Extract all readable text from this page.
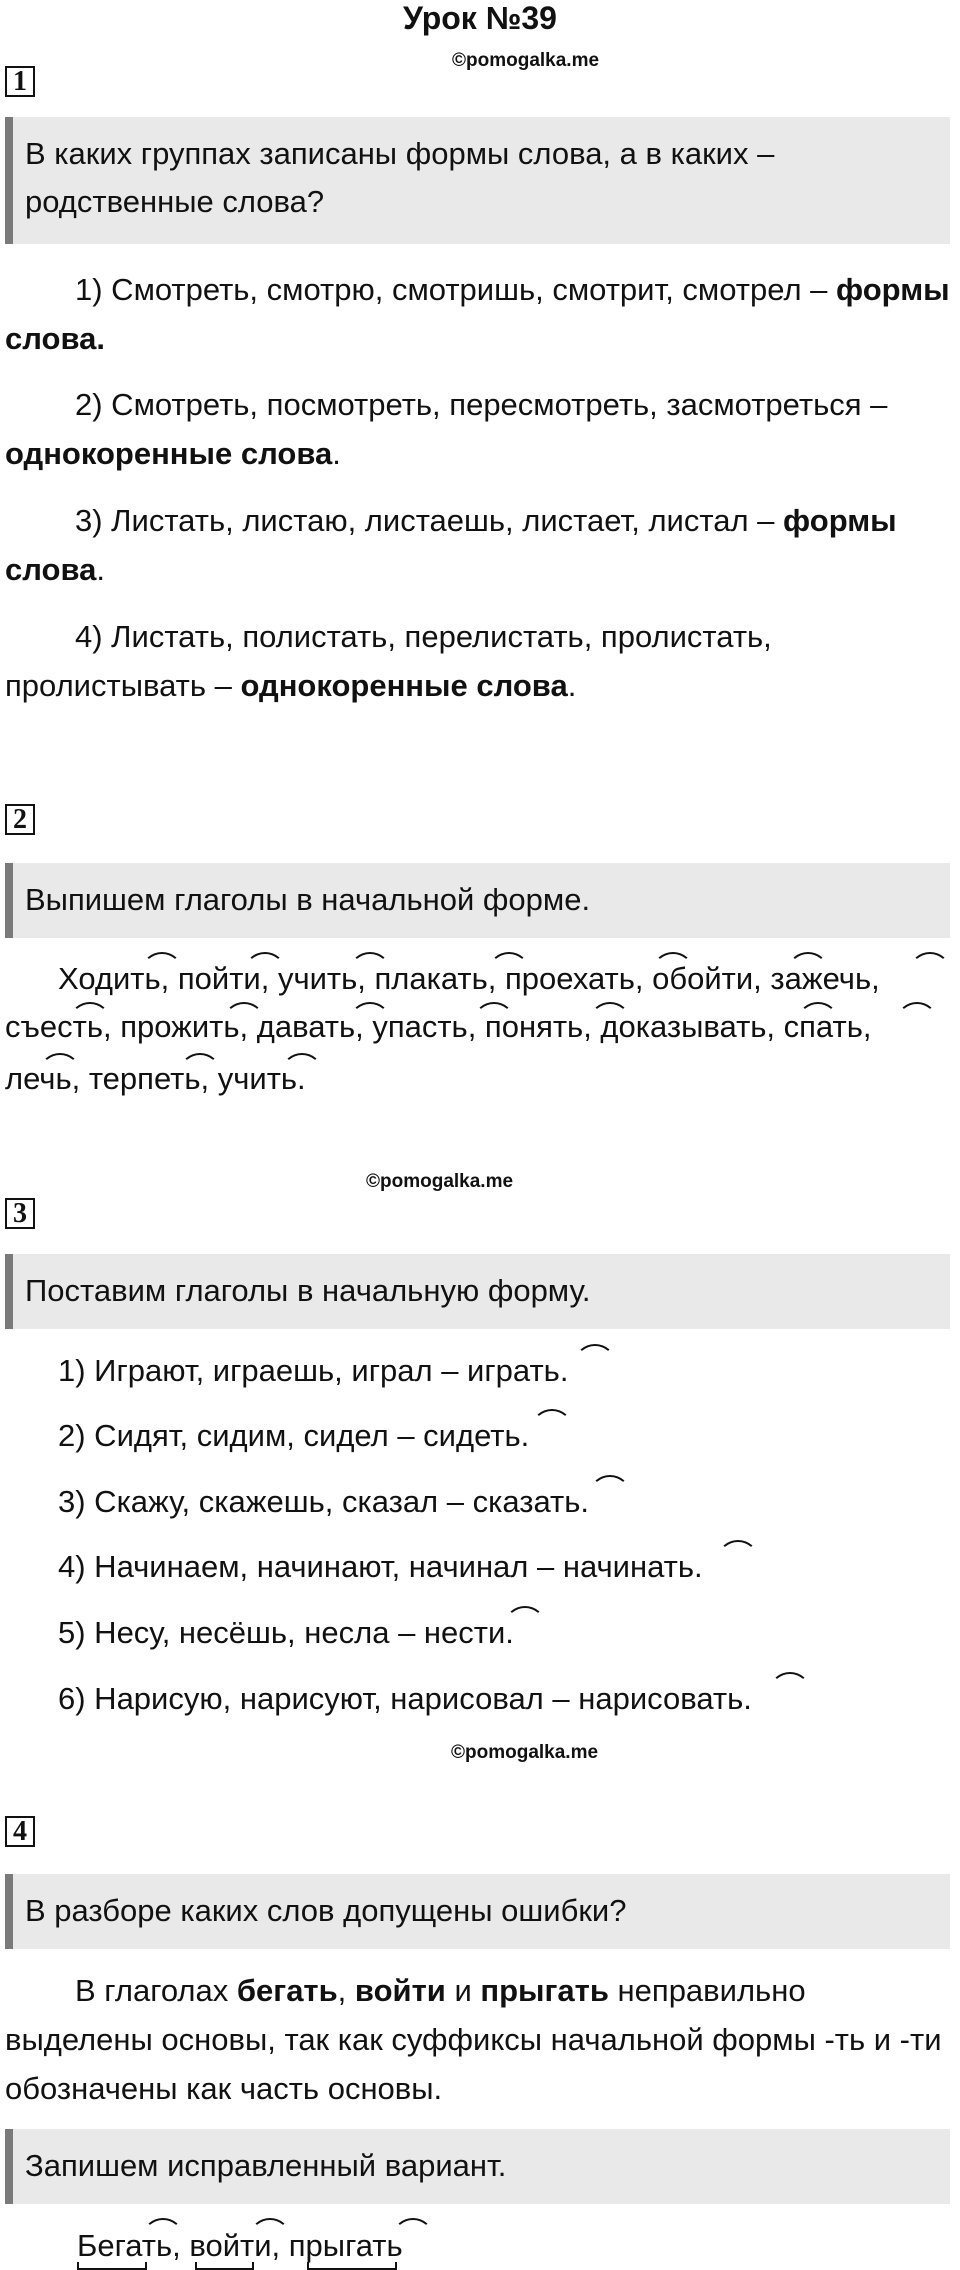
Урок №39
©pomogalka.me
1
В каких группах записаны формы слова, а в каких – родственные слова?
1) Смотреть, смотрю, смотришь, смотрит, смотрел – формы слова.
2) Смотреть, посмотреть, пересмотреть, засмотреться – однокоренные слова.
3) Листать, листаю, листаешь, листает, листал – формы слова.
4) Листать, полистать, перелистать, пролистать, пролистывать – однокоренные слова.
2
Выпишем глаголы в начальной форме.
Ходить, пойти, учить, плакать, проехать, обойти, зажечь,
съесть, прожить, давать, упасть, понять, доказывать, спать,
лечь, терпеть, учить.
©pomogalka.me
3
Поставим глаголы в начальную форму.
1) Играют, играешь, играл – играть.
2) Сидят, сидим, сидел – сидеть.
3) Скажу, скажешь, сказал – сказать.
4) Начинаем, начинают, начинал – начинать.
5) Несу, несёшь, несла – нести.
6) Нарисую, нарисуют, нарисовал – нарисовать.
©pomogalka.me
4
В разборе каких слов допущены ошибки?
В глаголах бегать, войти и прыгать неправильно выделены основы, так как суффиксы начальной формы -ть и -ти обозначены как часть основы.
Запишем исправленный вариант.
Бегать, войти, прыгать
